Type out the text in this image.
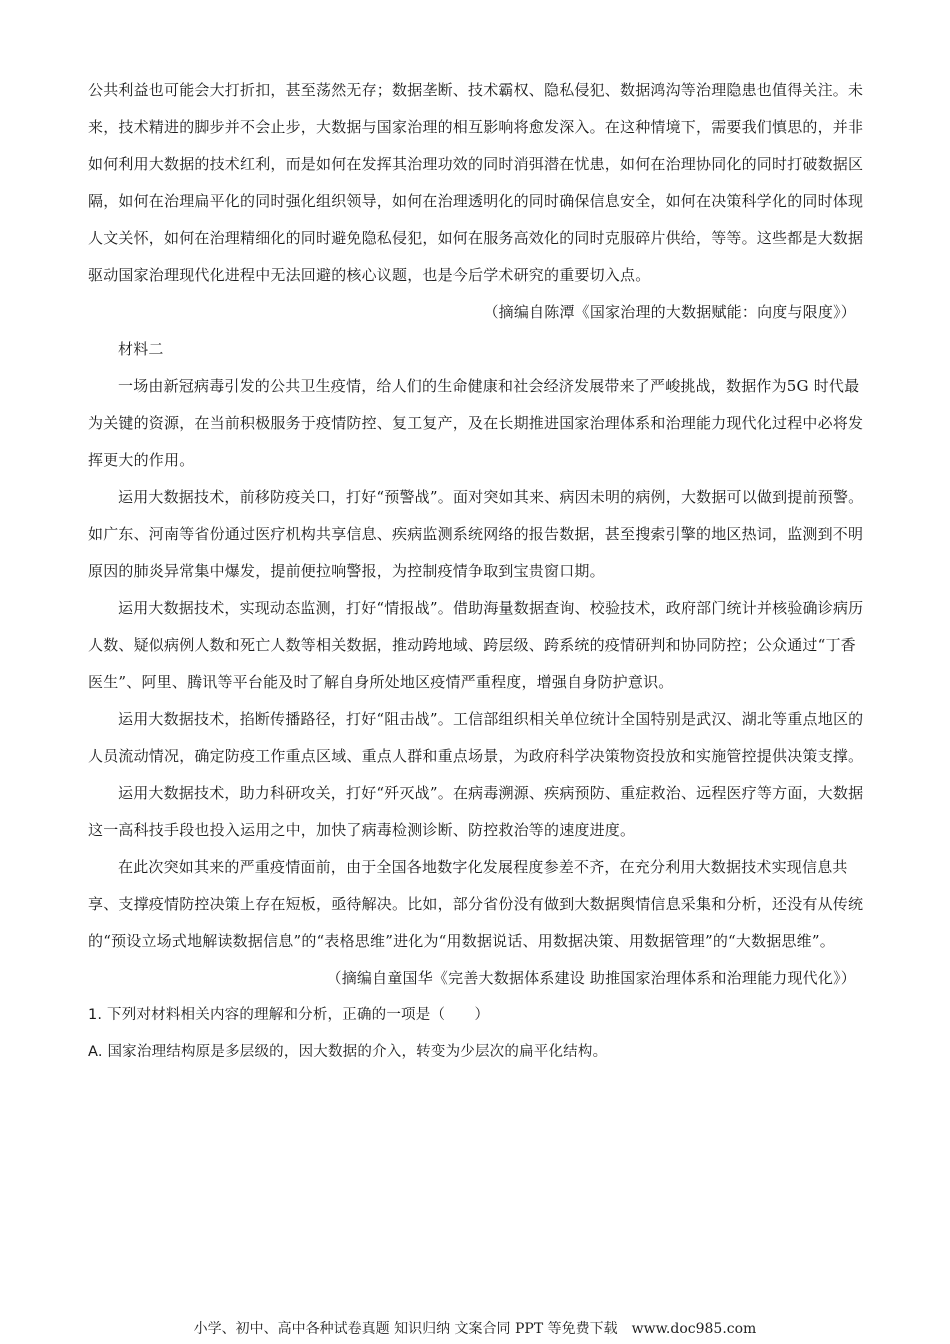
公共利益也可能会大打折扣，甚至荡然无存；数据垄断、技术霸权、隐私侵犯、数据鸿沟等治理隐患也值得关注。未来，技术精进的脚步并不会止步，大数据与国家治理的相互影响将愈发深入。在这种情境下，需要我们慎思的，并非如何利用大数据的技术红利，而是如何在发挥其治理功效的同时消弭潜在忧患，如何在治理协同化的同时打破数据区隔，如何在治理扁平化的同时强化组织领导，如何在治理透明化的同时确保信息安全，如何在决策科学化的同时体现人文关怀，如何在治理精细化的同时避免隐私侵犯，如何在服务高效化的同时克服碎片供给，等等。这些都是大数据驱动国家治理现代化进程中无法回避的核心议题，也是今后学术研究的重要切入点。

（摘编自陈潭《国家治理的大数据赋能：向度与限度》）

材料二

一场由新冠病毒引发的公共卫生疫情，给人们的生命健康和社会经济发展带来了严峻挑战，数据作为5G 时代最为关键的资源，在当前积极服务于疫情防控、复工复产，及在长期推进国家治理体系和治理能力现代化过程中必将发挥更大的作用。

运用大数据技术，前移防疫关口，打好“预警战”。面对突如其来、病因未明的病例，大数据可以做到提前预警。如广东、河南等省份通过医疗机构共享信息、疾病监测系统网络的报告数据，甚至搜索引擎的地区热词，监测到不明原因的肺炎异常集中爆发，提前便拉响警报，为控制疫情争取到宝贵窗口期。

运用大数据技术，实现动态监测，打好“情报战”。借助海量数据查询、校验技术，政府部门统计并核验确诊病历人数、疑似病例人数和死亡人数等相关数据，推动跨地域、跨层级、跨系统的疫情研判和协同防控；公众通过“丁香医生”、阿里、腾讯等平台能及时了解自身所处地区疫情严重程度，增强自身防护意识。

运用大数据技术，掐断传播路径，打好“阻击战”。工信部组织相关单位统计全国特别是武汉、湖北等重点地区的人员流动情况，确定防疫工作重点区域、重点人群和重点场景，为政府科学决策物资投放和实施管控提供决策支撑。

运用大数据技术，助力科研攻关，打好“歼灭战”。在病毒溯源、疾病预防、重症救治、远程医疗等方面，大数据这一高科技手段也投入运用之中，加快了病毒检测诊断、防控救治等的速度进度。

在此次突如其来的严重疫情面前，由于全国各地数字化发展程度参差不齐，在充分利用大数据技术实现信息共享、支撑疫情防控决策上存在短板，亟待解决。比如，部分省份没有做到大数据舆情信息采集和分析，还没有从传统的“预设立场式地解读数据信息”的“表格思维”进化为“用数据说话、用数据决策、用数据管理”的“大数据思维”。

（摘编自童国华《完善大数据体系建设 助推国家治理体系和治理能力现代化》）

1. 下列对材料相关内容的理解和分析，正确的一项是（　　）

A. 国家治理结构原是多层级的，因大数据的介入，转变为少层次的扁平化结构。

小学、初中、高中各种试卷真题 知识归纳 文案合同 PPT 等免费下载 www.doc985.com
